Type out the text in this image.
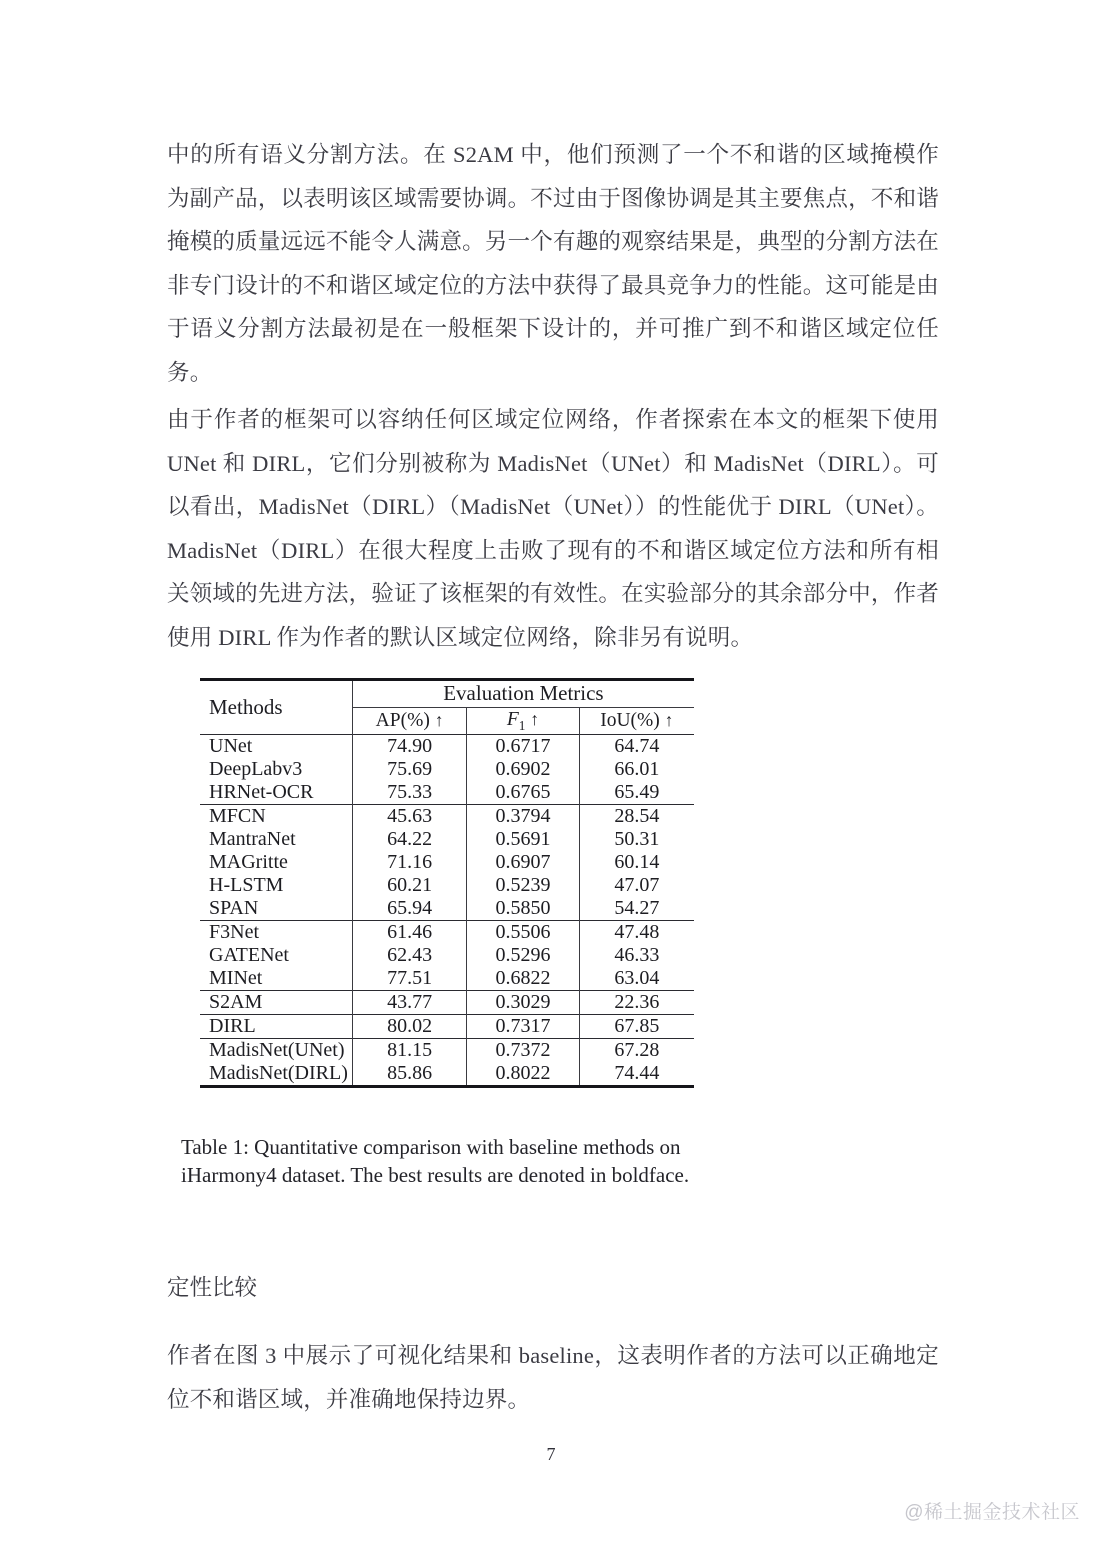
中的所有语义分割方法。在 S2AM 中，他们预测了一个不和谐的区域掩模作为副产品，以表明该区域需要协调。不过由于图像协调是其主要焦点，不和谐掩模的质量远远不能令人满意。另一个有趣的观察结果是，典型的分割方法在非专门设计的不和谐区域定位的方法中获得了最具竞争力的性能。这可能是由于语义分割方法最初是在一般框架下设计的，并可推广到不和谐区域定位任务。

由于作者的框架可以容纳任何区域定位网络，作者探索在本文的框架下使用 UNet 和 DIRL，它们分别被称为 MadisNet（UNet）和 MadisNet（DIRL）。可以看出，MadisNet（DIRL）（MadisNet（UNet））的性能优于 DIRL（UNet）。MadisNet（DIRL）在很大程度上击败了现有的不和谐区域定位方法和所有相关领域的先进方法，验证了该框架的有效性。在实验部分的其余部分中，作者使用 DIRL 作为作者的默认区域定位网络，除非另有说明。

Methods	Evaluation Metrics		
	AP(%) ↑	$F_1$ ↑	IoU(%) ↑
UNet	74.90	0.6717	64.74
DeepLabv3	75.69	0.6902	66.01
HRNet-OCR	75.33	0.6765	65.49
MFCN	45.63	0.3794	28.54
MantraNet	64.22	0.5691	50.31
MAGritte	71.16	0.6907	60.14
H-LSTM	60.21	0.5239	47.07
SPAN	65.94	0.5850	54.27
F3Net	61.46	0.5506	47.48
GATENet	62.43	0.5296	46.33
MINet	77.51	0.6822	63.04
S2AM	43.77	0.3029	22.36
DIRL	80.02	0.7317	67.85
MadisNet(UNet)	81.15	0.7372	67.28
MadisNet(DIRL)	85.86	0.8022	74.44
Table 1: Quantitative comparison with baseline methods on iHarmony4 dataset. The best results are denoted in boldface.
定性比较

作者在图 3 中展示了可视化结果和 baseline，这表明作者的方法可以正确地定位不和谐区域，并准确地保持边界。

7
@稀土掘金技术社区
